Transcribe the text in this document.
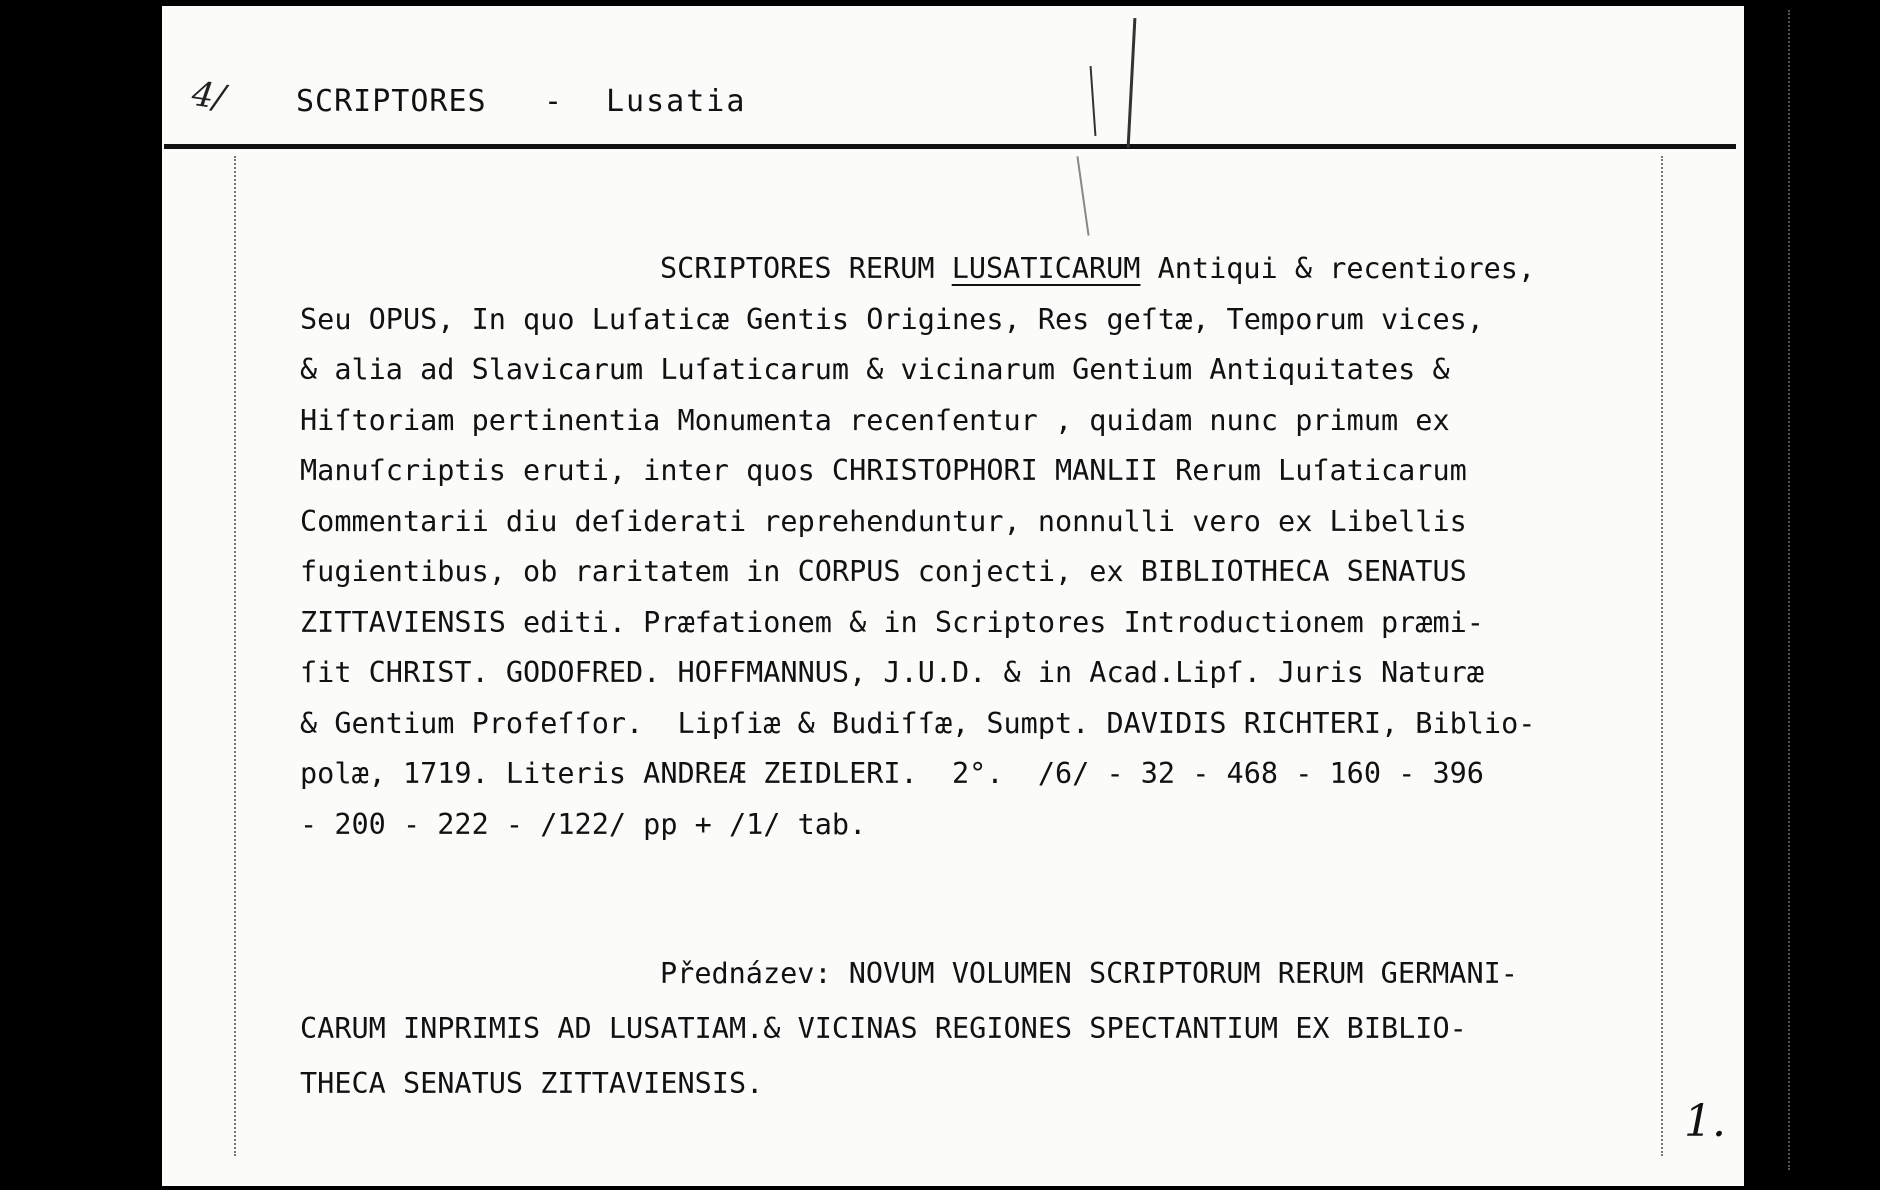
4/ SCRIPTORES - Lusatia
SCRIPTORES RERUM LUSATICARUM Antiqui & recentiores,
Seu OPUS, In quo Luſaticæ Gentis Origines, Res geſtæ, Temporum vices,
& alia ad Slavicarum Luſaticarum & vicinarum Gentium Antiquitates &
Hiſtoriam pertinentia Monumenta recenſentur , quidam nunc primum ex
Manuſcriptis eruti, inter quos CHRISTOPHORI MANLII Rerum Luſaticarum
Commentarii diu deſiderati reprehenduntur, nonnulli vero ex Libellis
fugientibus, ob raritatem in CORPUS conjecti, ex BIBLIOTHECA SENATUS
ZITTAVIENSIS editi. Præfationem & in Scriptores Introductionem præmi-
ſit CHRIST. GODOFRED. HOFFMANNUS, J.U.D. & in Acad.Lipſ. Juris Naturæ
& Gentium Profeſſor.  Lipſiæ & Budiſſæ, Sumpt. DAVIDIS RICHTERI, Biblio-
polæ, 1719. Literis ANDREÆ ZEIDLERI.  2°.  /6/ - 32 - 468 - 160 - 396
- 200 - 222 - /122/ pp + /1/ tab.
Přednázev: NOVUM VOLUMEN SCRIPTORUM RERUM GERMANI-
CARUM INPRIMIS AD LUSATIAM.& VICINAS REGIONES SPECTANTIUM EX BIBLIO-
THECA SENATUS ZITTAVIENSIS.
1.
